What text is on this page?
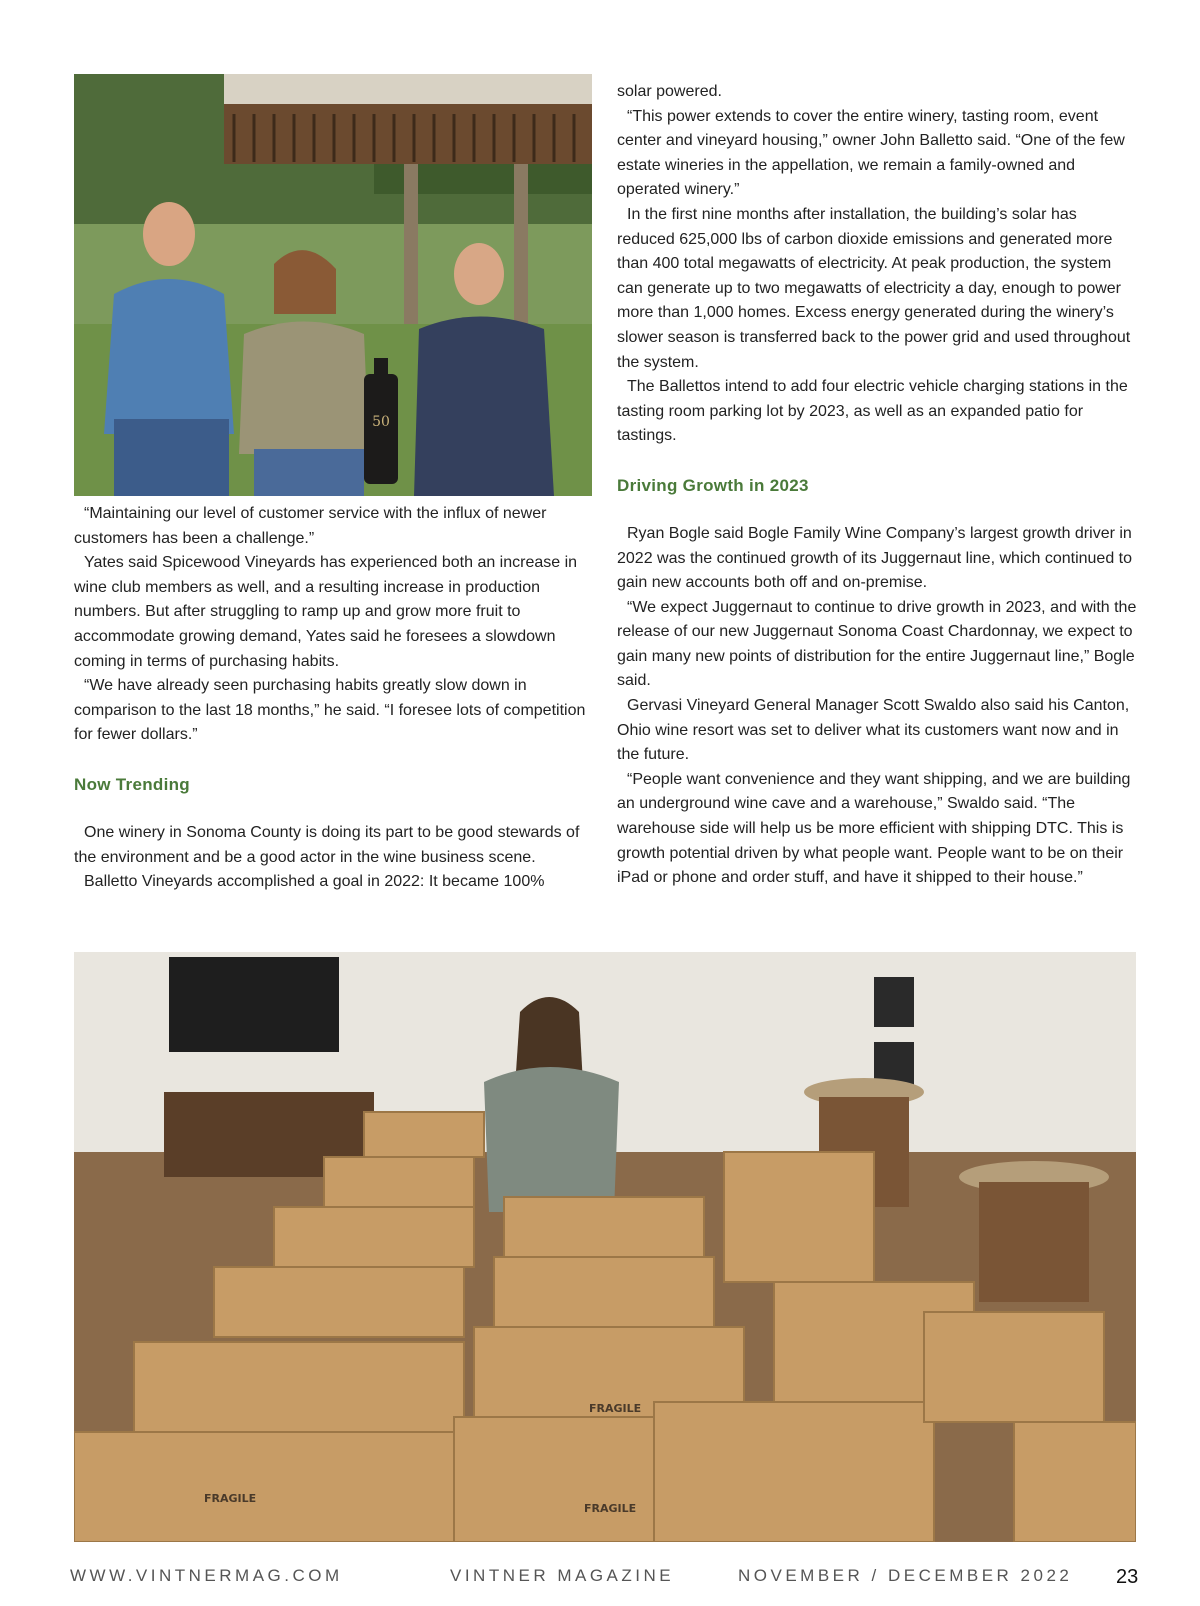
50

“Maintaining our level of customer service with the influx of newer customers has been a challenge.”

Yates said Spicewood Vineyards has experienced both an increase in wine club members as well, and a resulting increase in production numbers. But after struggling to ramp up and grow more fruit to accommodate growing demand, Yates said he foresees a slowdown coming in terms of purchasing habits.

“We have already seen purchasing habits greatly slow down in comparison to the last 18 months,” he said. “I foresee lots of competition for fewer dollars.”

Now Trending

One winery in Sonoma County is doing its part to be good stewards of the environment and be a good actor in the wine business scene.

Balletto Vineyards accomplished a goal in 2022: It became 100%

solar powered.

“This power extends to cover the entire winery, tasting room, event center and vineyard housing,” owner John Balletto said. “One of the few estate wineries in the appellation, we remain a family-owned and operated winery.”

In the first nine months after installation, the building’s solar has reduced 625,000 lbs of carbon dioxide emissions and generated more than 400 total megawatts of electricity. At peak production, the system can generate up to two megawatts of electricity a day, enough to power more than 1,000 homes. Excess energy generated during the winery’s slower season is transferred back to the power grid and used throughout the system.

The Ballettos intend to add four electric vehicle charging stations in the tasting room parking lot by 2023, as well as an expanded patio for tastings.

Driving Growth in 2023

Ryan Bogle said Bogle Family Wine Company’s largest growth driver in 2022 was the continued growth of its Juggernaut line, which continued to gain new accounts both off and on-premise.

“We expect Juggernaut to continue to drive growth in 2023, and with the release of our new Juggernaut Sonoma Coast Chardonnay, we expect to gain many new points of distribution for the entire Juggernaut line,” Bogle said.

Gervasi Vineyard General Manager Scott Swaldo also said his Canton, Ohio wine resort was set to deliver what its customers want now and in the future.

“People want convenience and they want shipping, and we are building an underground wine cave and a warehouse,” Swaldo said. “The warehouse side will help us be more efficient with shipping DTC. This is growth potential driven by what people want. People want to be on their iPad or phone and order stuff, and have it shipped to their house.”

FRAGILE
FRAGILE
FRAGILE
WWW.VINTNERMAG.COM	VINTNER MAGAZINE	NOVEMBER / DECEMBER 2022 23
